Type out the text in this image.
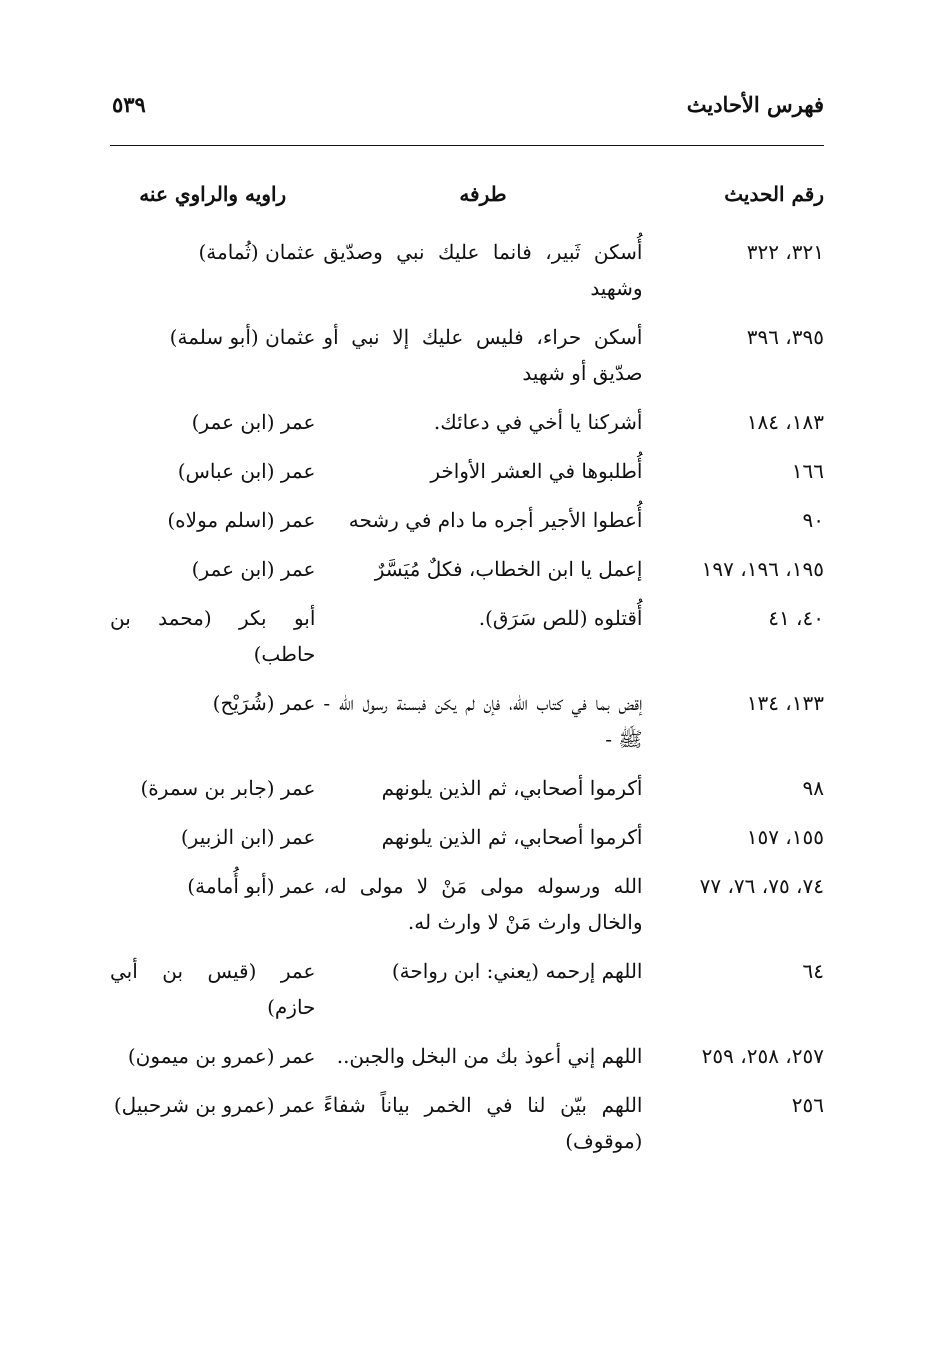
فهرس الأحاديث
٥٣٩
رقم الحديث
طرفه
راويه والراوي عنه
٣٢١، ٣٢٢
أُسكن ثَبير، فانما عليك نبي وصدّيق وشهيد
عثمان (ثُمامة)
٣٩٥، ٣٩٦
أسكن حراء، فليس عليك إلا نبي أو صدّيق أو شهيد
عثمان (أبو سلمة)
١٨٣، ١٨٤
أشركنا يا أخي في دعائك.
عمر (ابن عمر)
١٦٦
أُطلبوها في العشر الأواخر
عمر (ابن عباس)
٩٠
أُعطوا الأجير أجره ما دام في رشحه
عمر (اسلم مولاه)
١٩٥، ١٩٦، ١٩٧
إعمل يا ابن الخطاب، فكلٌ مُيَسَّرٌ
عمر (ابن عمر)
٤٠، ٤١
أُقتلوه (للص سَرَق).
أبو بكر (محمد بن حاطب)
١٣٣، ١٣٤
إقض بما في كتاب الله، فإن لم يكن فبسنة رسول الله - ﷺ -
عمر (شُرَيْح)
٩٨
أكرموا أصحابي، ثم الذين يلونهم
عمر (جابر بن سمرة)
١٥٥، ١٥٧
أكرموا أصحابي، ثم الذين يلونهم
عمر (ابن الزبير)
٧٤، ٧٥، ٧٦، ٧٧
الله ورسوله مولى مَنْ لا مولى له، والخال وارث مَنْ لا وارث له.
عمر (أبو أُمامة)
٦٤
اللهم إرحمه (يعني: ابن رواحة)
عمر (قيس بن أبي حازم)
٢٥٧، ٢٥٨، ٢٥٩
اللهم إني أعوذ بك من البخل والجبن..
عمر (عمرو بن ميمون)
٢٥٦
اللهم بيّن لنا في الخمر بياناً شفاءً (موقوف)
عمر (عمرو بن شرحبيل)
